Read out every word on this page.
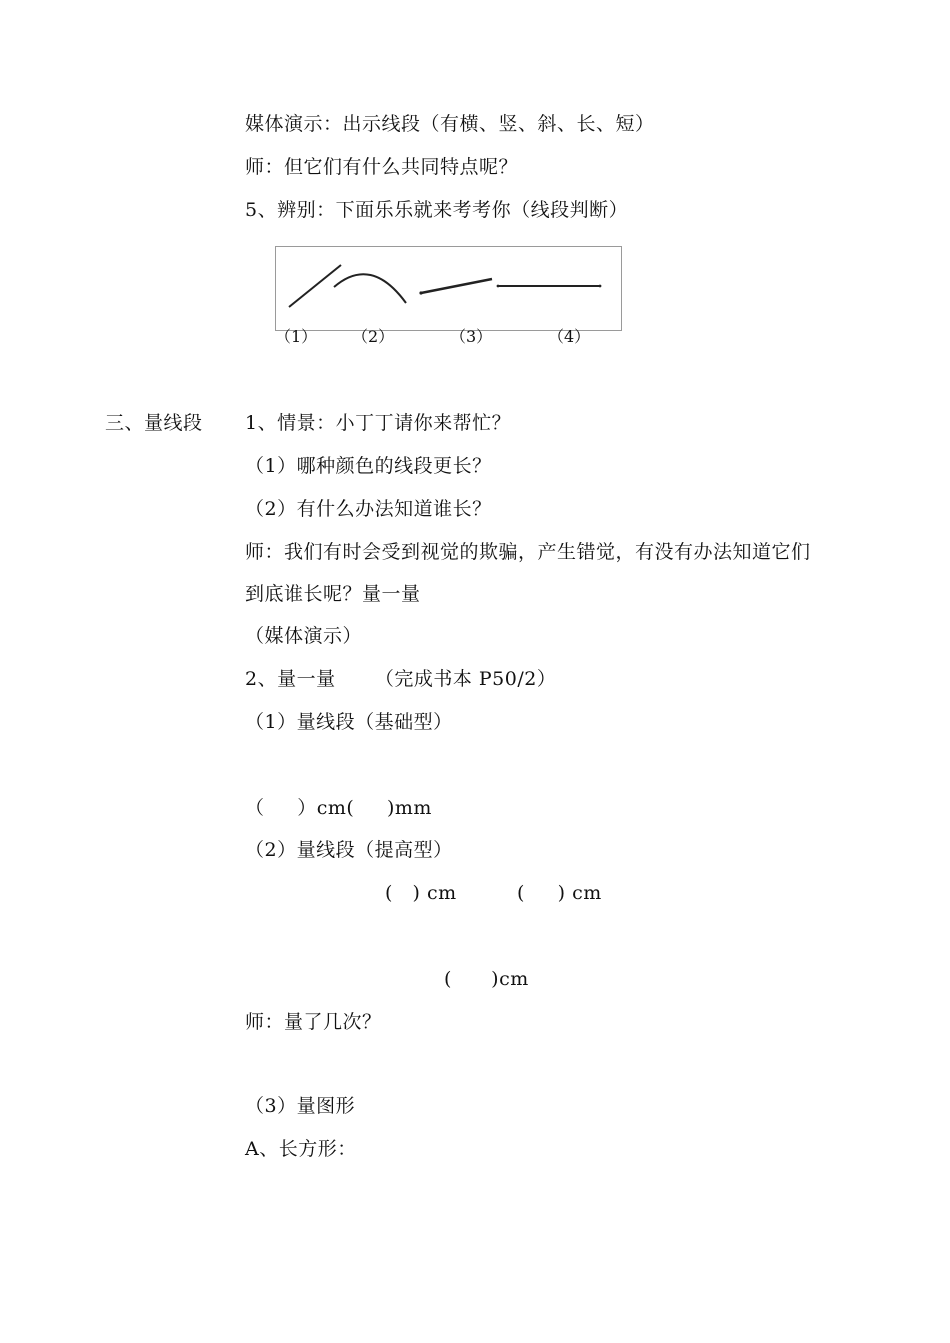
媒体演示：出示线段（有横、竖、斜、长、短）
师：但它们有什么共同特点呢？
5、辨别：下面乐乐就来考考你（线段判断）
（1） （2）	（3）	（4）
三、量线段 1、情景：小丁丁请你来帮忙？
（1）哪种颜色的线段更长？
（2）有什么办法知道谁长？
师：我们有时会受到视觉的欺骗，产生错觉，有没有办法知道它们
到底谁长呢？量一量
（媒体演示）
2、量一量      （完成书本 P50/2）
（1）量线段（基础型）
（     ）cm(     )mm
（2）量线段（提高型）
(   ) cm	(     ) cm
(      )cm
师：量了几次？
（3）量图形
A、长方形：
